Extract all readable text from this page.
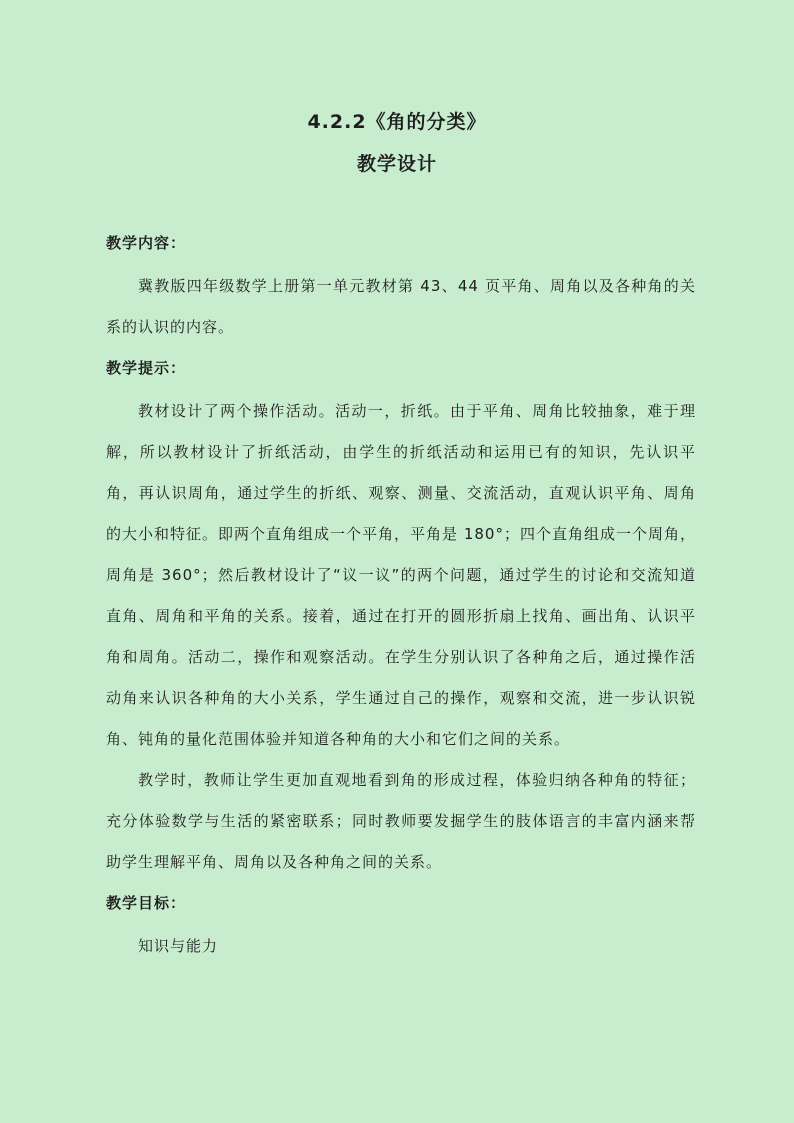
4.2.2《角的分类》
教学设计

教学内容：

冀教版四年级数学上册第一单元教材第 43、44 页平角、周角以及各种角的关系的认识的内容。

教学提示：

教材设计了两个操作活动。活动一，折纸。由于平角、周角比较抽象，难于理解，所以教材设计了折纸活动，由学生的折纸活动和运用已有的知识，先认识平角，再认识周角，通过学生的折纸、观察、测量、交流活动，直观认识平角、周角的大小和特征。即两个直角组成一个平角，平角是 180°；四个直角组成一个周角，周角是 360°；然后教材设计了“议一议”的两个问题，通过学生的讨论和交流知道直角、周角和平角的关系。接着，通过在打开的圆形折扇上找角、画出角、认识平角和周角。活动二，操作和观察活动。在学生分别认识了各种角之后，通过操作活动角来认识各种角的大小关系，学生通过自己的操作，观察和交流，进一步认识锐角、钝角的量化范围体验并知道各种角的大小和它们之间的关系。

教学时，教师让学生更加直观地看到角的形成过程，体验归纳各种角的特征；充分体验数学与生活的紧密联系；同时教师要发掘学生的肢体语言的丰富内涵来帮助学生理解平角、周角以及各种角之间的关系。

教学目标：

知识与能力
